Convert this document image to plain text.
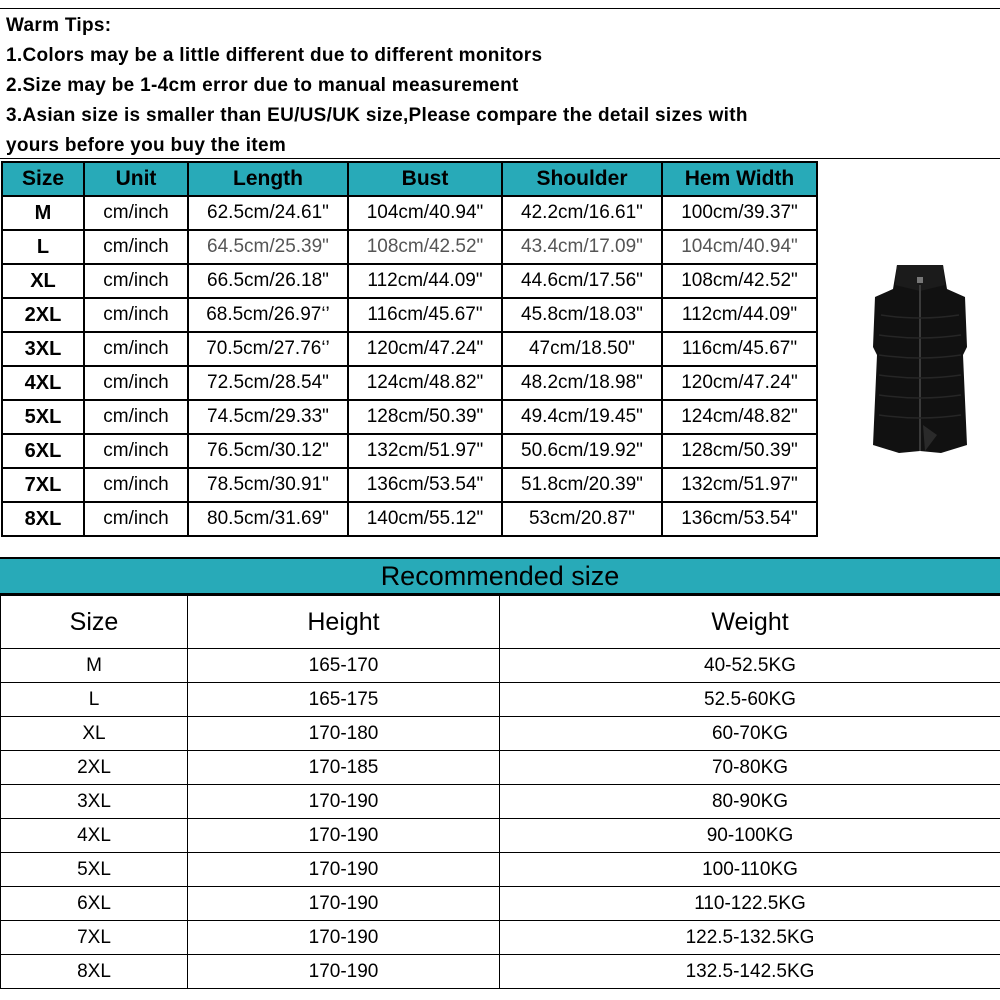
Warm Tips:
1.Colors may be a little different due to different monitors
2.Size may be 1-4cm error due to manual measurement
3.Asian size is smaller than EU/US/UK size,Please compare the detail sizes with
yours before you buy the item
Size	Unit	Length	Bust	Shoulder	Hem Width
M	cm/inch	62.5cm/24.61"	104cm/40.94"	42.2cm/16.61"	100cm/39.37"
L	cm/inch	64.5cm/25.39"	108cm/42.52"	43.4cm/17.09"	104cm/40.94"
XL	cm/inch	66.5cm/26.18"	112cm/44.09"	44.6cm/17.56"	108cm/42.52"
2XL	cm/inch	68.5cm/26.97‘’	116cm/45.67"	45.8cm/18.03"	112cm/44.09"
3XL	cm/inch	70.5cm/27.76‘’	120cm/47.24"	47cm/18.50"	116cm/45.67"
4XL	cm/inch	72.5cm/28.54"	124cm/48.82"	48.2cm/18.98"	120cm/47.24"
5XL	cm/inch	74.5cm/29.33"	128cm/50.39"	49.4cm/19.45"	124cm/48.82"
6XL	cm/inch	76.5cm/30.12"	132cm/51.97"	50.6cm/19.92"	128cm/50.39"
7XL	cm/inch	78.5cm/30.91"	136cm/53.54"	51.8cm/20.39"	132cm/51.97"
8XL	cm/inch	80.5cm/31.69"	140cm/55.12"	53cm/20.87"	136cm/53.54"
Recommended size
Size	Height	Weight
M	165-170	40-52.5KG
L	165-175	52.5-60KG
XL	170-180	60-70KG
2XL	170-185	70-80KG
3XL	170-190	80-90KG
4XL	170-190	90-100KG
5XL	170-190	100-110KG
6XL	170-190	110-122.5KG
7XL	170-190	122.5-132.5KG
8XL	170-190	132.5-142.5KG
